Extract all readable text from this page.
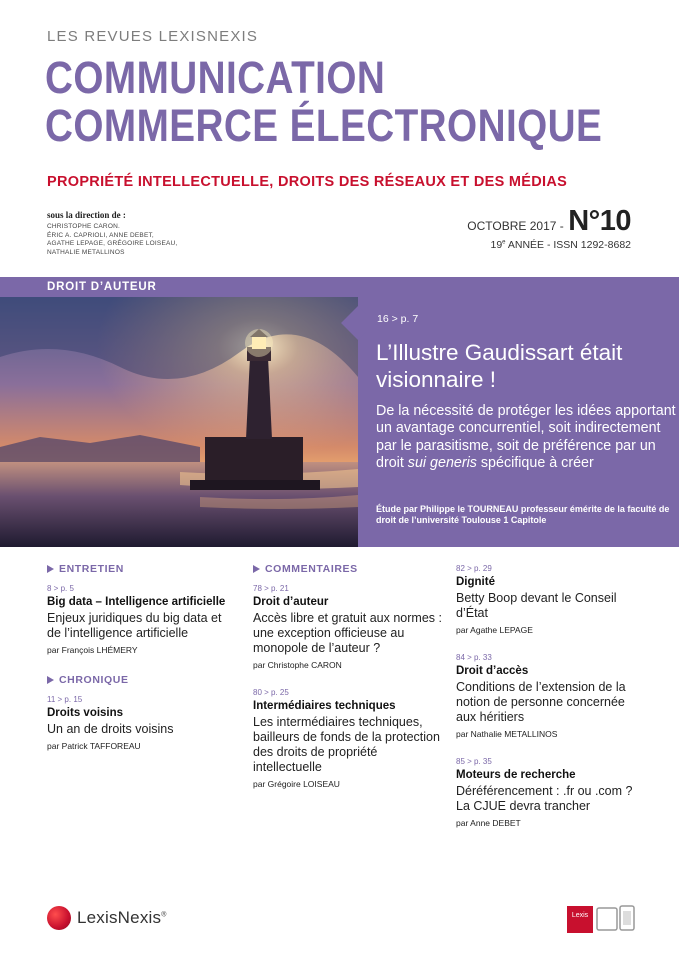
LES REVUES LEXISNEXIS
COMMUNICATION
COMMERCE ÉLECTRONIQUE
PROPRIÉTÉ INTELLECTUELLE, DROITS DES RÉSEAUX ET DES MÉDIAS
sous la direction de :
CHRISTOPHE CARON.
ÉRIC A. CAPRIOLI, ANNE DEBET,
AGATHE LEPAGE, GRÉGOIRE LOISEAU,
NATHALIE METALLINOS
OCTOBRE 2017 - N°10
19e ANNÉE - ISSN 1292-8682
DROIT D’AUTEUR
16 > p. 7
L’Illustre Gaudissart était visionnaire !
De la nécessité de protéger les idées apportant un avantage concurrentiel, soit indirectement par le parasitisme, soit de préférence par un droit sui generis spécifique à créer
Étude par Philippe le TOURNEAU professeur émérite de la faculté de droit de l’université Toulouse 1 Capitole
ENTRETIEN
8 > p. 5
Big data – Intelligence artificielle
Enjeux juridiques du big data et de l’intelligence artificielle
par François LHÉMERY
CHRONIQUE
11 > p. 15
Droits voisins
Un an de droits voisins
par Patrick TAFFOREAU
COMMENTAIRES
78 > p. 21
Droit d’auteur
Accès libre et gratuit aux normes : une exception officieuse au monopole de l’auteur ?
par Christophe CARON
80 > p. 25
Intermédiaires techniques
Les intermédiaires techniques, bailleurs de fonds de la protection des droits de propriété intellectuelle
par Grégoire LOISEAU
82 > p. 29
Dignité
Betty Boop devant le Conseil d’État
par Agathe LEPAGE
84 > p. 33
Droit d’accès
Conditions de l’extension de la notion de personne concernée aux héritiers
par Nathalie METALLINOS
85 > p. 35
Moteurs de recherche
Déréférencement : .fr ou .com ? La CJUE devra trancher
par Anne DEBET
LexisNexis®	Lexis
